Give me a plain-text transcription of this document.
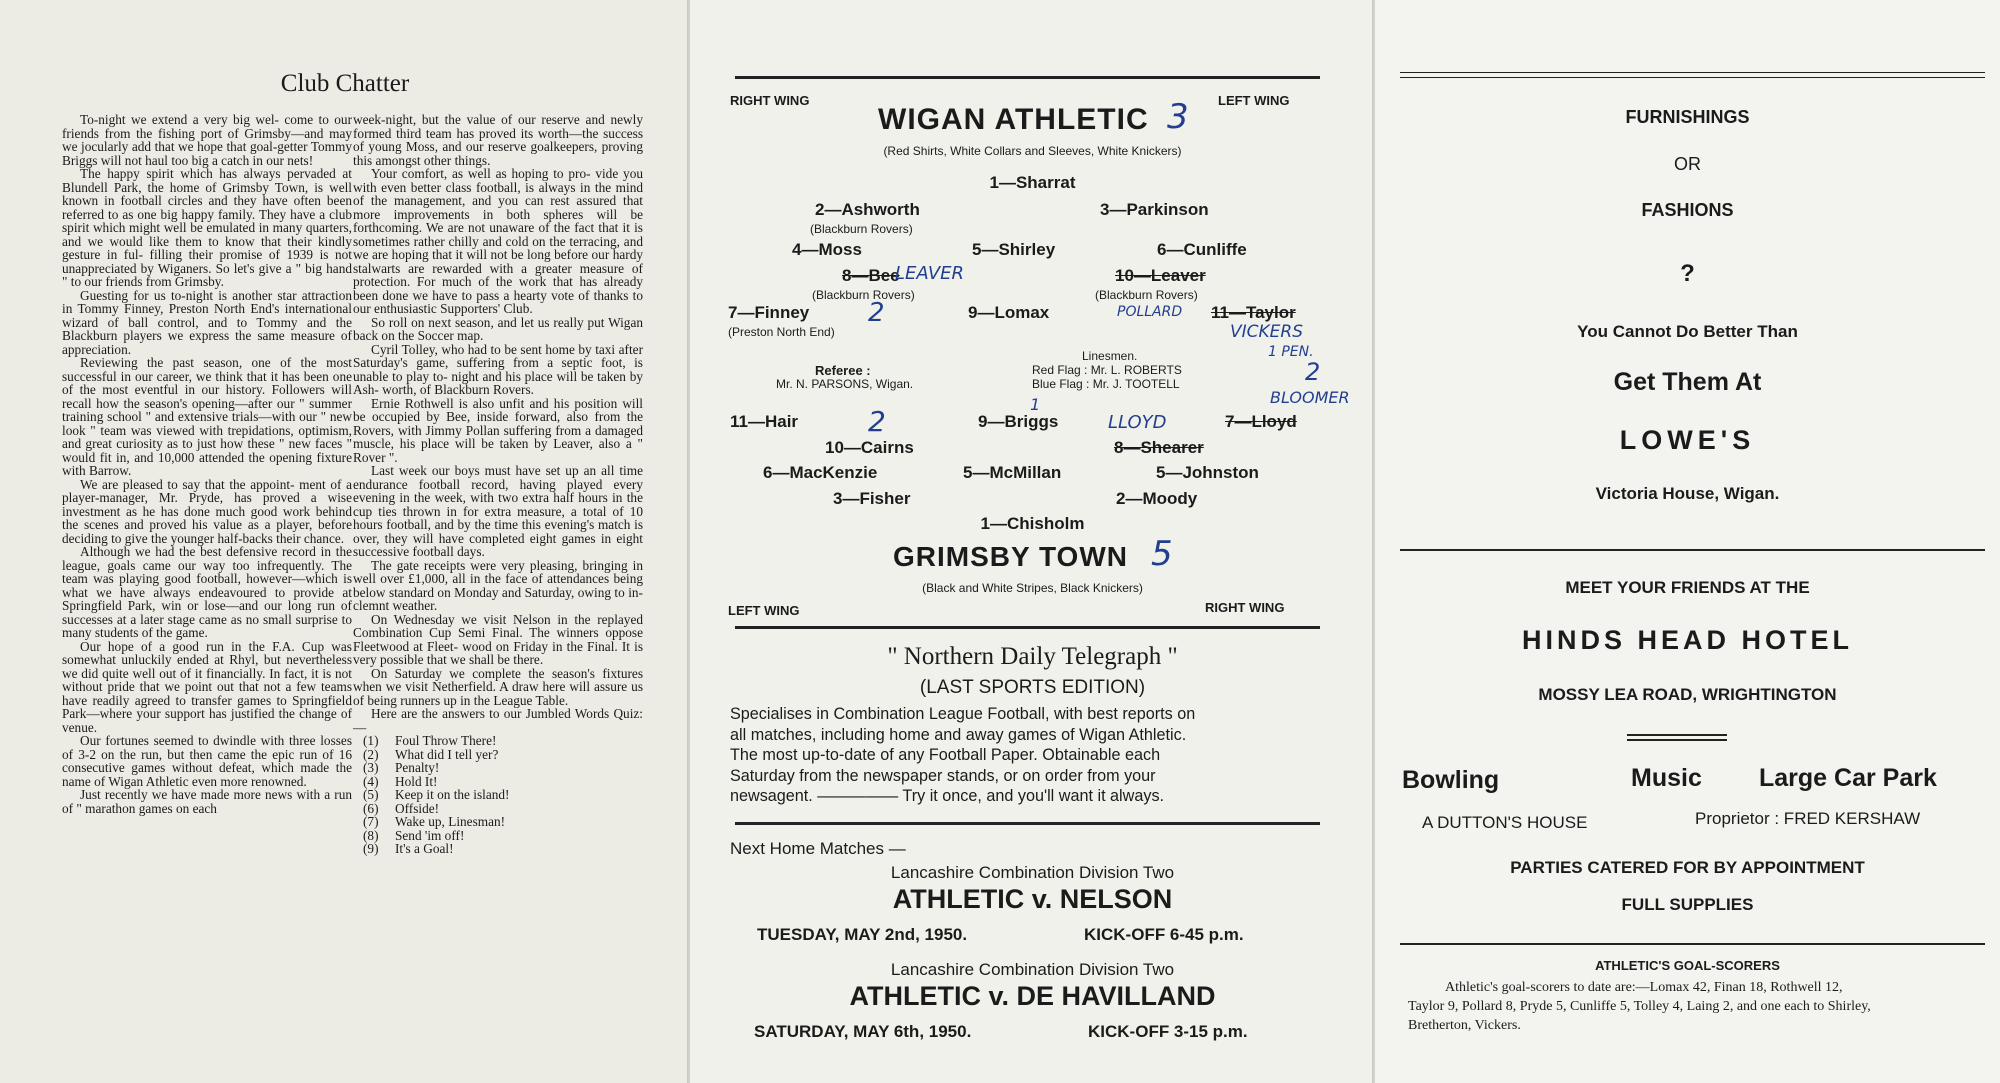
Club Chatter

To-night we extend a very big wel- come to our friends from the fishing port of Grimsby—and may we jocularly add that we hope that goal-getter Tommy Briggs will not haul too big a catch in our nets!

The happy spirit which has always pervaded at Blundell Park, the home of Grimsby Town, is well known in football circles and they have often been referred to as one big happy family. They have a club spirit which might well be emulated in many quarters, and we would like them to know that their kindly gesture in ful- filling their promise of 1939 is not unappreciated by Wiganers. So let's give a " big hand " to our friends from Grimsby.

Guesting for us to-night is another star attraction in Tommy Finney, Preston North End's international wizard of ball control, and to Tommy and the Blackburn players we express the same measure of appreciation.

Reviewing the past season, one of the most successful in our career, we think that it has been one of the most eventful in our history. Followers will recall how the season's opening—after our " summer training school " and extensive trials—with our " new look " team was viewed with trepidations, optimism, and great curiosity as to just how these " new faces " would fit in, and 10,000 attended the opening fixture with Barrow.

We are pleased to say that the appoint- ment of a player-manager, Mr. Pryde, has proved a wise investment as he has done much good work behind the scenes and proved his value as a player, before deciding to give the younger half-backs their chance.

Although we had the best defensive record in the league, goals came our way too infrequently. The team was playing good football, however—which is what we have always endeavoured to provide at Springfield Park, win or lose—and our long run of successes at a later stage came as no small surprise to many students of the game.

Our hope of a good run in the F.A. Cup was somewhat unluckily ended at Rhyl, but nevertheless we did quite well out of it financially. In fact, it is not without pride that we point out that not a few teams have readily agreed to transfer games to Springfield Park—where your support has justified the change of venue.

Our fortunes seemed to dwindle with three losses of 3-2 on the run, but then came the epic run of 16 consecutive games without defeat, which made the name of Wigan Athletic even more renowned.

Just recently we have made more news with a run of " marathon games on each

week-night, but the value of our reserve and newly formed third team has proved its worth—the success of young Moss, and our reserve goalkeepers, proving this amongst other things.

Your comfort, as well as hoping to pro- vide you with even better class football, is always in the mind of the management, and you can rest assured that more improvements in both spheres will be forthcoming. We are not unaware of the fact that it is sometimes rather chilly and cold on the terracing, and we are hoping that it will not be long before our hardy stalwarts are rewarded with a greater measure of protection. For much of the work that has already been done we have to pass a hearty vote of thanks to our enthusiastic Supporters' Club.

So roll on next season, and let us really put Wigan back on the Soccer map.

Cyril Tolley, who had to be sent home by taxi after Saturday's game, suffering from a septic foot, is unable to play to- night and his place will be taken by Ash- worth, of Blackburn Rovers.

Ernie Rothwell is also unfit and his position will be occupied by Bee, inside forward, also from the Rovers, with Jimmy Pollan suffering from a damaged muscle, his place will be taken by Leaver, also a " Rover ".

Last week our boys must have set up an all time endurance football record, having played every evening in the week, with two extra half hours in the cup ties thrown in for extra measure, a total of 10 hours football, and by the time this evening's match is over, they will have completed eight games in eight successive football days.

The gate receipts were very pleasing, bringing in well over £1,000, all in the face of attendances being below standard on Monday and Saturday, owing to in- clemnt weather.

On Wednesday we visit Nelson in the replayed Combination Cup Semi Final. The winners oppose Fleetwood at Fleet- wood on Friday in the Final. It is very possible that we shall be there.

On Saturday we complete the season's fixtures when we visit Netherfield. A draw here will assure us of being runners up in the League Table.

Here are the answers to our Jumbled Words Quiz:—

(1) Foul Throw There!
(2) What did I tell yer?
(3) Penalty!
(4) Hold It!
(5) Keep it on the island!
(6) Offside!
(7) Wake up, Linesman!
(8) Send 'im off!
(9) It's a Goal!
RIGHT WING	LEFT WING
WIGAN ATHLETIC 3
(Red Shirts, White Collars and Sleeves, White Knickers)
1—Sharrat
2—Ashworth
(Blackburn Rovers)
3—Parkinson
4—Moss	5—Shirley	6—Cunliffe
8—Bee
LEAVER
(Blackburn Rovers)
10—Leaver
(Blackburn Rovers)
7—Finney 2
(Preston North End)
9—Lomax	POLLARD 11—Taylor
VICKERS
1 PEN.
Linesmen.
Referee :	Red Flag : Mr. L. ROBERTS
Mr. N. PARSONS, Wigan.	Blue Flag : Mr. J. TOOTELL	2
BLOOMER
1
11—Hair 2	9—Briggs	LLOYD	7—Lloyd
10—Cairns	8—Shearer
6—MacKenzie	5—McMillan	5—Johnston
3—Fisher	2—Moody
1—Chisholm
GRIMSBY TOWN 5
(Black and White Stripes, Black Knickers)
LEFT WING	RIGHT WING
" Northern Daily Telegraph "
(LAST SPORTS EDITION)
Specialises in Combination League Football, with best reports on
all matches, including home and away games of Wigan Athletic.
The most up-to-date of any Football Paper. Obtainable each
Saturday from the newspaper stands, or on order from your
newsagent. ————— Try it once, and you'll want it always.
Next Home Matches —
Lancashire Combination Division Two
ATHLETIC v. NELSON
TUESDAY, MAY 2nd, 1950.	KICK-OFF 6-45 p.m.
Lancashire Combination Division Two
ATHLETIC v. DE HAVILLAND
SATURDAY, MAY 6th, 1950.	KICK-OFF 3-15 p.m.
FURNISHINGS
OR
FASHIONS
?
You Cannot Do Better Than
Get Them At
LOWE'S
Victoria House, Wigan.
MEET YOUR FRIENDS AT THE
HINDS HEAD HOTEL
MOSSY LEA ROAD, WRIGHTINGTON
Bowling	Music Large Car Park
A DUTTON'S HOUSE	Proprietor : FRED KERSHAW
PARTIES CATERED FOR BY APPOINTMENT
FULL SUPPLIES
ATHLETIC'S GOAL-SCORERS
Athletic's goal-scorers to date are:—Lomax 42, Finan 18, Rothwell 12,
Taylor 9, Pollard 8, Pryde 5, Cunliffe 5, Tolley 4, Laing 2, and one each to Shirley,
Bretherton, Vickers.
